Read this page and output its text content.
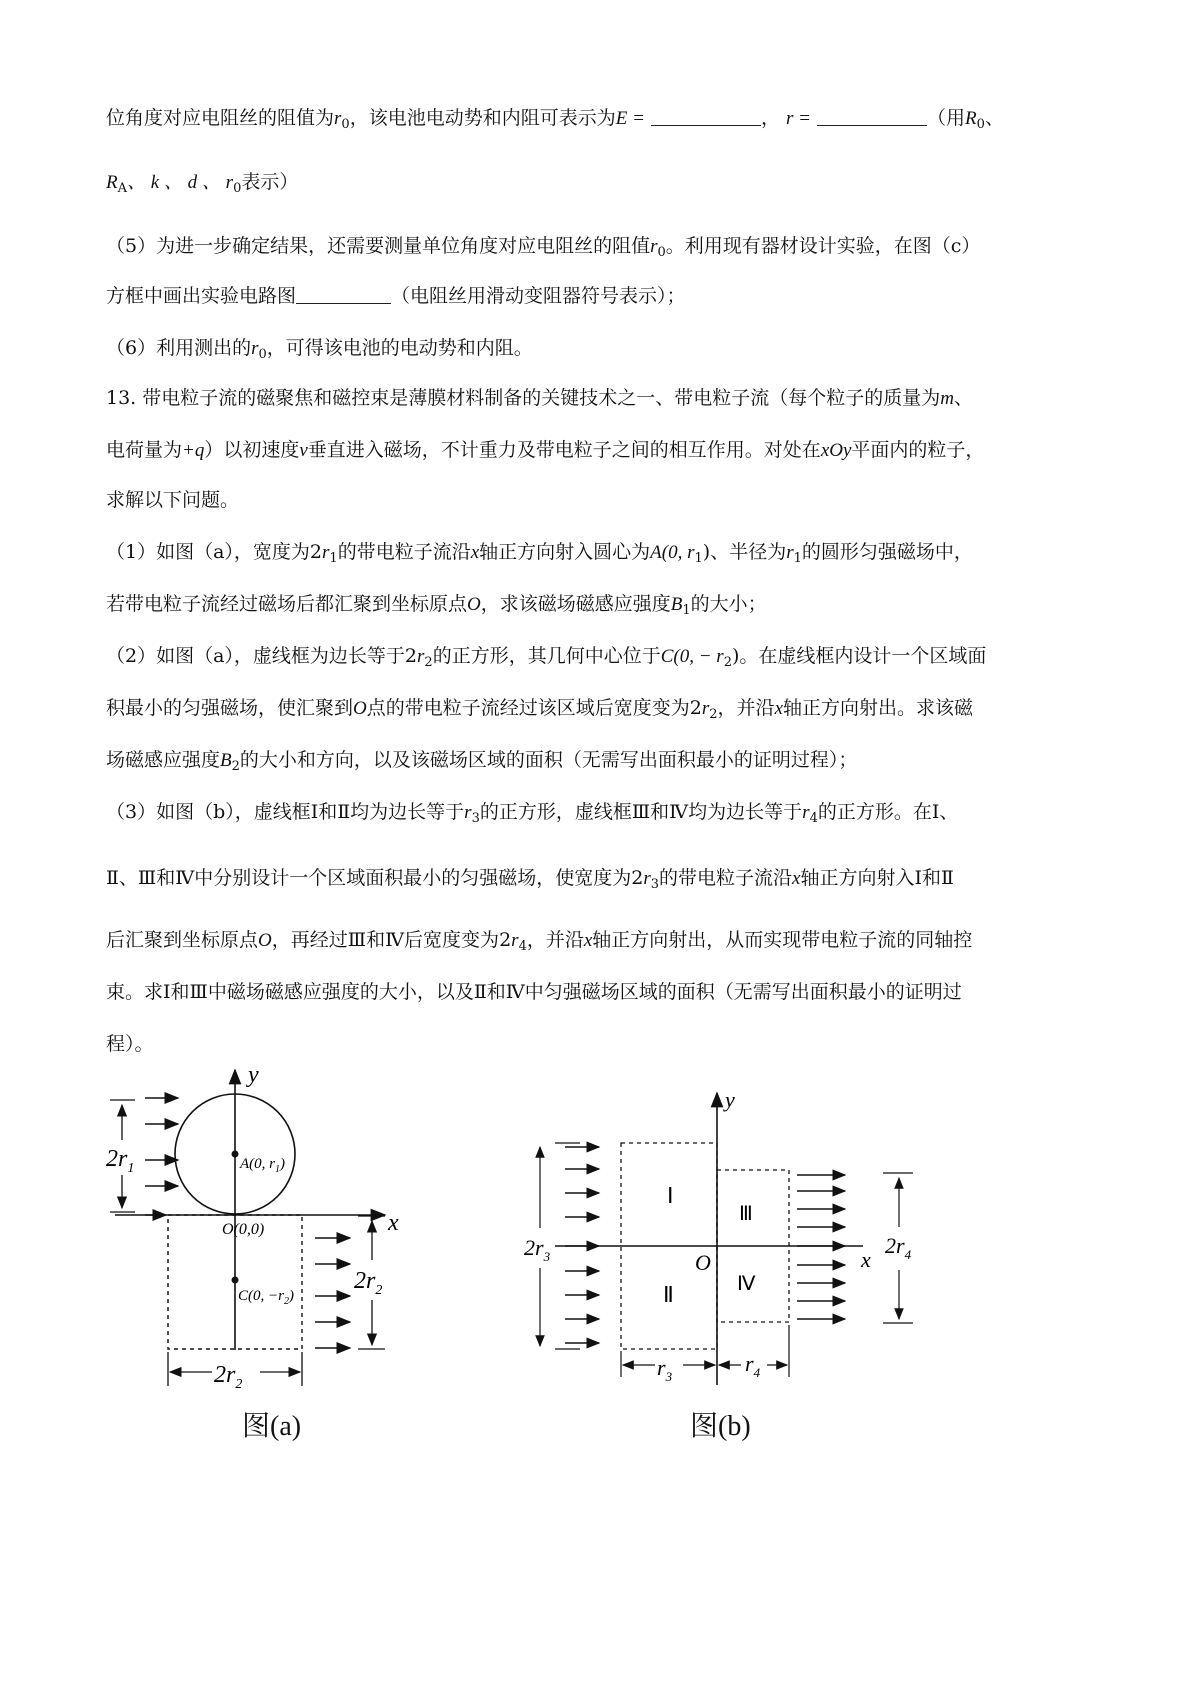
位角度对应电阻丝的阻值为$r_0$，该电池电动势和内阻可表示为E =	， r =	（用$R_0$、
$R_A$、 k 、 d 、 $r_0$表示）
（5）为进一步确定结果，还需要测量单位角度对应电阻丝的阻值$r_0$。利用现有器材设计实验，在图（c）
方框中画出实验电路图	（电阻丝用滑动变阻器符号表示）；
（6）利用测出的$r_0$，可得该电池的电动势和内阻。
13. 带电粒子流的磁聚焦和磁控束是薄膜材料制备的关键技术之一、带电粒子流（每个粒子的质量为m、
电荷量为+q）以初速度v垂直进入磁场，不计重力及带电粒子之间的相互作用。对处在xOy平面内的粒子，
求解以下问题。
（1）如图（a），宽度为$2r_1$的带电粒子流沿x轴正方向射入圆心为A(0, $r_1$)、半径为$r_1$的圆形匀强磁场中，
若带电粒子流经过磁场后都汇聚到坐标原点O，求该磁场磁感应强度$B_1$的大小；
（2）如图（a），虚线框为边长等于$2r_2$的正方形，其几何中心位于C(0, − $r_2$)。在虚线框内设计一个区域面
积最小的匀强磁场，使汇聚到O点的带电粒子流经过该区域后宽度变为$2r_2$，并沿x轴正方向射出。求该磁
场磁感应强度$B_2$的大小和方向，以及该磁场区域的面积（无需写出面积最小的证明过程）；
（3）如图（b），虚线框Ⅰ和Ⅱ均为边长等于$r_3$的正方形，虚线框Ⅲ和Ⅳ均为边长等于$r_4$的正方形。在Ⅰ、
Ⅱ、Ⅲ和Ⅳ中分别设计一个区域面积最小的匀强磁场，使宽度为$2r_3$的带电粒子流沿x轴正方向射入Ⅰ和Ⅱ
后汇聚到坐标原点O，再经过Ⅲ和Ⅳ后宽度变为$2r_4$，并沿x轴正方向射出，从而实现带电粒子流的同轴控
束。求Ⅰ和Ⅲ中磁场磁感应强度的大小，以及Ⅱ和Ⅳ中匀强磁场区域的面积（无需写出面积最小的证明过
程）。
y
x
A(0, $r_1$)
O(0,0)
$2r_1$
C(0, $-r_2$)
$2r_2$
$2r_2$
图(a)
y
x
O
Ⅰ
Ⅱ
Ⅲ
Ⅳ
$2r_4$
$r_3$
$r_4$
$2r_3$
图(b)
